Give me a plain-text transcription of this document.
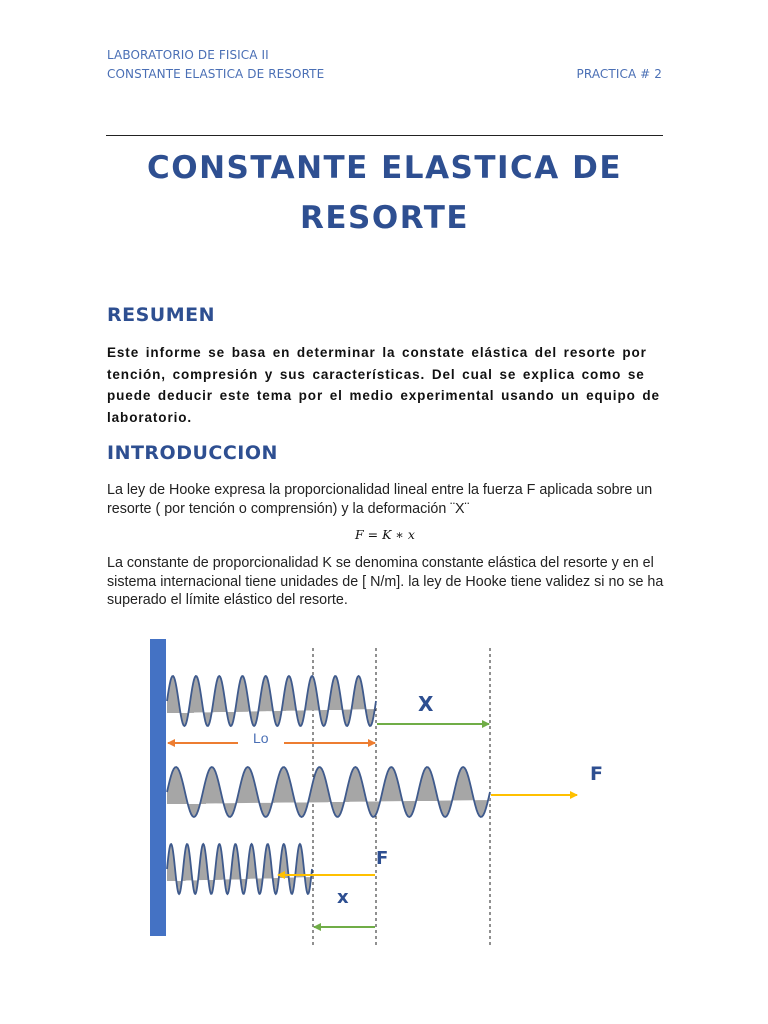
LABORATORIO DE FISICA II
CONSTANTE ELASTICA DE RESORTE	PRACTICA # 2
CONSTANTE ELASTICA DE
RESORTE
RESUMEN

Este informe se basa en determinar la constate elástica del resorte por tención, compresión y sus características. Del cual se explica como se puede deducir este tema por el medio experimental usando un equipo de laboratorio.

INTRODUCCION

La ley de Hooke expresa la proporcionalidad lineal entre la fuerza F aplicada sobre un resorte ( por tención o comprensión) y la deformación ¨X¨

F = K ∗ x

La constante de proporcionalidad K se denomina constante elástica del resorte y en el sistema internacional tiene unidades de [ N/m]. la ley de Hooke tiene validez si no se ha superado el límite elástico del resorte.

Lo
X
F
F
x
